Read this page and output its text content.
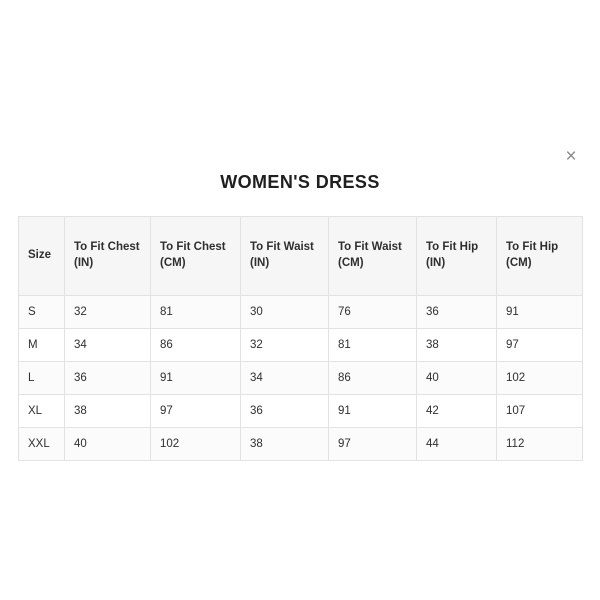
×
WOMEN'S DRESS
Size	To Fit Chest (IN)	To Fit Chest (CM)	To Fit Waist (IN)	To Fit Waist (CM)	To Fit Hip (IN)	To Fit Hip (CM)
S	32	81	30	76	36	91
M	34	86	32	81	38	97
L	36	91	34	86	40	102
XL	38	97	36	91	42	107
XXL	40	102	38	97	44	112
